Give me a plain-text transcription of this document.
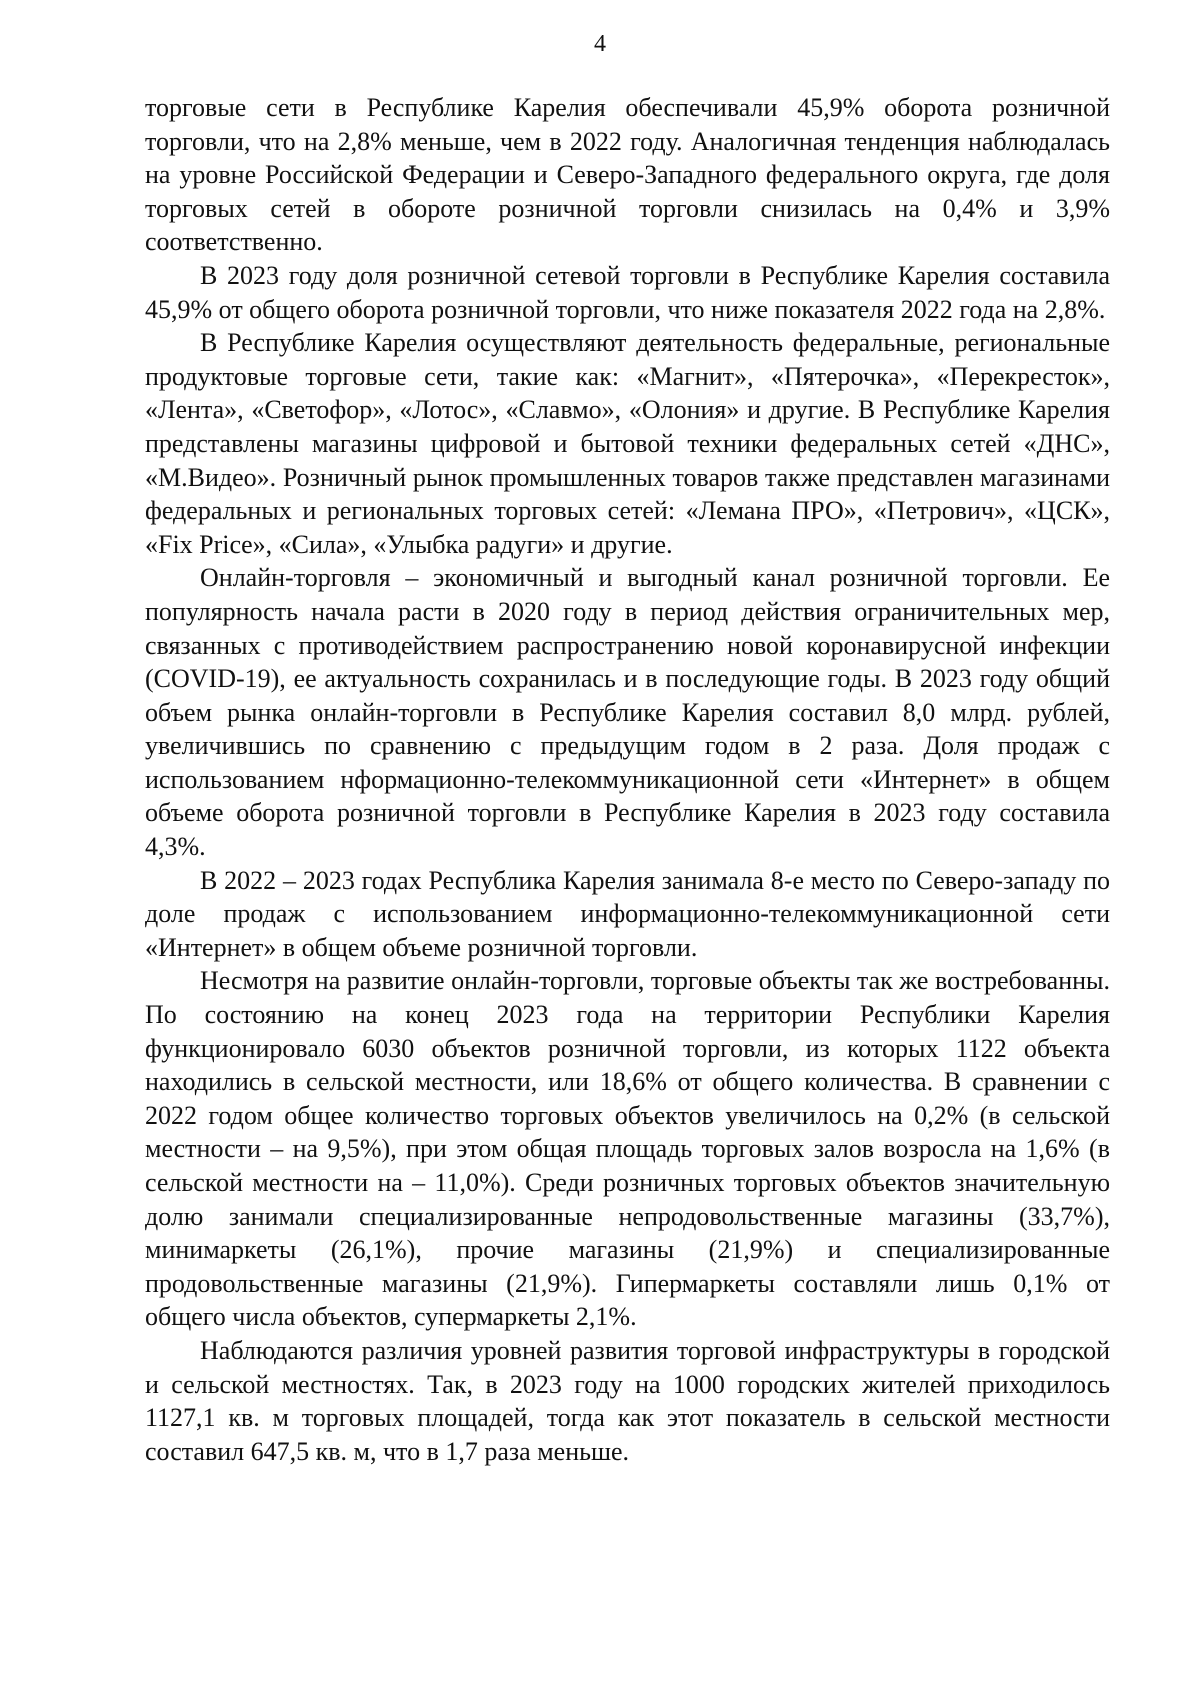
4

торговые сети в Республике Карелия обеспечивали 45,9% оборота розничной торговли, что на 2,8% меньше, чем в 2022 году. Аналогичная тенденция наблюдалась на уровне Российской Федерации и Северо-Западного федерального округа, где доля торговых сетей в обороте розничной торговли снизилась на 0,4% и 3,9% соответственно.

В 2023 году доля розничной сетевой торговли в Республике Карелия составила 45,9% от общего оборота розничной торговли, что ниже показателя 2022 года на 2,8%.

В Республике Карелия осуществляют деятельность федеральные, региональные продуктовые торговые сети, такие как: «Магнит», «Пятерочка», «Перекресток», «Лента», «Светофор», «Лотос», «Славмо», «Олония» и другие. В Республике Карелия представлены магазины цифровой и бытовой техники федеральных сетей «ДНС», «М.Видео». Розничный рынок промышленных товаров также представлен магазинами федеральных и региональных торговых сетей: «Лемана ПРО», «Петрович», «ЦСК», «Fix Price», «Сила», «Улыбка радуги» и другие.

Онлайн-торговля – экономичный и выгодный канал розничной торговли. Ее популярность начала расти в 2020 году в период действия ограничительных мер, связанных с противодействием распространению новой коронавирусной инфекции (COVID-19), ее актуальность сохранилась и в последующие годы. В 2023 году общий объем рынка онлайн-торговли в Республике Карелия составил 8,0 млрд. рублей, увеличившись по сравнению с предыдущим годом в 2 раза. Доля продаж с использованием нформационно-телекоммуникационной сети «Интернет» в общем объеме оборота розничной торговли в Республике Карелия в 2023 году составила 4,3%.

В 2022 – 2023 годах Республика Карелия занимала 8-е место по Северо-западу по доле продаж с использованием информационно-телекоммуникационной сети «Интернет» в общем объеме розничной торговли.

Несмотря на развитие онлайн-торговли, торговые объекты так же востребованны. По состоянию на конец 2023 года на территории Республики Карелия функционировало 6030 объектов розничной торговли, из которых 1122 объекта находились в сельской местности, или 18,6% от общего количества. В сравнении с 2022 годом общее количество торговых объектов увеличилось на 0,2% (в сельской местности – на 9,5%), при этом общая площадь торговых залов возросла на 1,6% (в сельской местности на – 11,0%). Среди розничных торговых объектов значительную долю занимали специализированные непродовольственные магазины (33,7%), минимаркеты (26,1%), прочие магазины (21,9%) и специализированные продовольственные магазины (21,9%). Гипермаркеты составляли лишь 0,1% от общего числа объектов, супермаркеты 2,1%.

Наблюдаются различия уровней развития торговой инфраструктуры в городской и сельской местностях. Так, в 2023 году на 1000 городских жителей приходилось 1127,1 кв. м торговых площадей, тогда как этот показатель в сельской местности составил 647,5 кв. м, что в 1,7 раза меньше.
